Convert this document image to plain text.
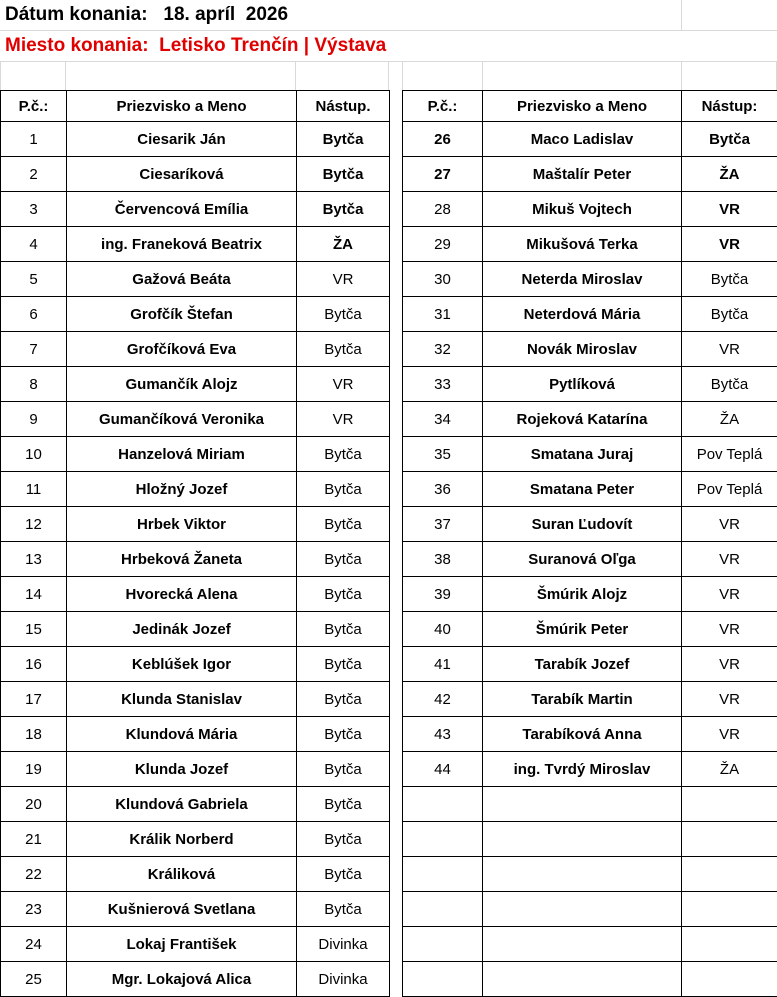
Dátum konania: 18. apríl  2026
Miesto konania: Letisko Trenčín | Výstava
P.č.:	Priezvisko a Meno	Nástup.
1	Ciesarik Ján	Bytča
2	Ciesaríková	Bytča
3	Červencová Emília	Bytča
4	ing. Franeková Beatrix	ŽA
5	Gažová Beáta	VR
6	Grofčík Štefan	Bytča
7	Grofčíková Eva	Bytča
8	Gumančík Alojz	VR
9	Gumančíková Veronika	VR
10	Hanzelová Miriam	Bytča
11	Hložný Jozef	Bytča
12	Hrbek Viktor	Bytča
13	Hrbeková Žaneta	Bytča
14	Hvorecká Alena	Bytča
15	Jedinák Jozef	Bytča
16	Keblúšek Igor	Bytča
17	Klunda Stanislav	Bytča
18	Klundová Mária	Bytča
19	Klunda Jozef	Bytča
20	Klundová Gabriela	Bytča
21	Králik Norberd	Bytča
22	Králiková	Bytča
23	Kušnierová Svetlana	Bytča
24	Lokaj František	Divinka
25	Mgr. Lokajová Alica	Divinka
P.č.:	Priezvisko a Meno	Nástup:
26	Maco Ladislav	Bytča
27	Maštalír Peter	ŽA
28	Mikuš Vojtech	VR
29	Mikušová Terka	VR
30	Neterda Miroslav	Bytča
31	Neterdová Mária	Bytča
32	Novák Miroslav	VR
33	Pytlíková	Bytča
34	Rojeková Katarína	ŽA
35	Smatana Juraj	Pov Teplá
36	Smatana Peter	Pov Teplá
37	Suran Ľudovít	VR
38	Suranová Oľga	VR
39	Šmúrik Alojz	VR
40	Šmúrik Peter	VR
41	Tarabík Jozef	VR
42	Tarabík Martin	VR
43	Tarabíková Anna	VR
44	ing. Tvrdý Miroslav	ŽA
